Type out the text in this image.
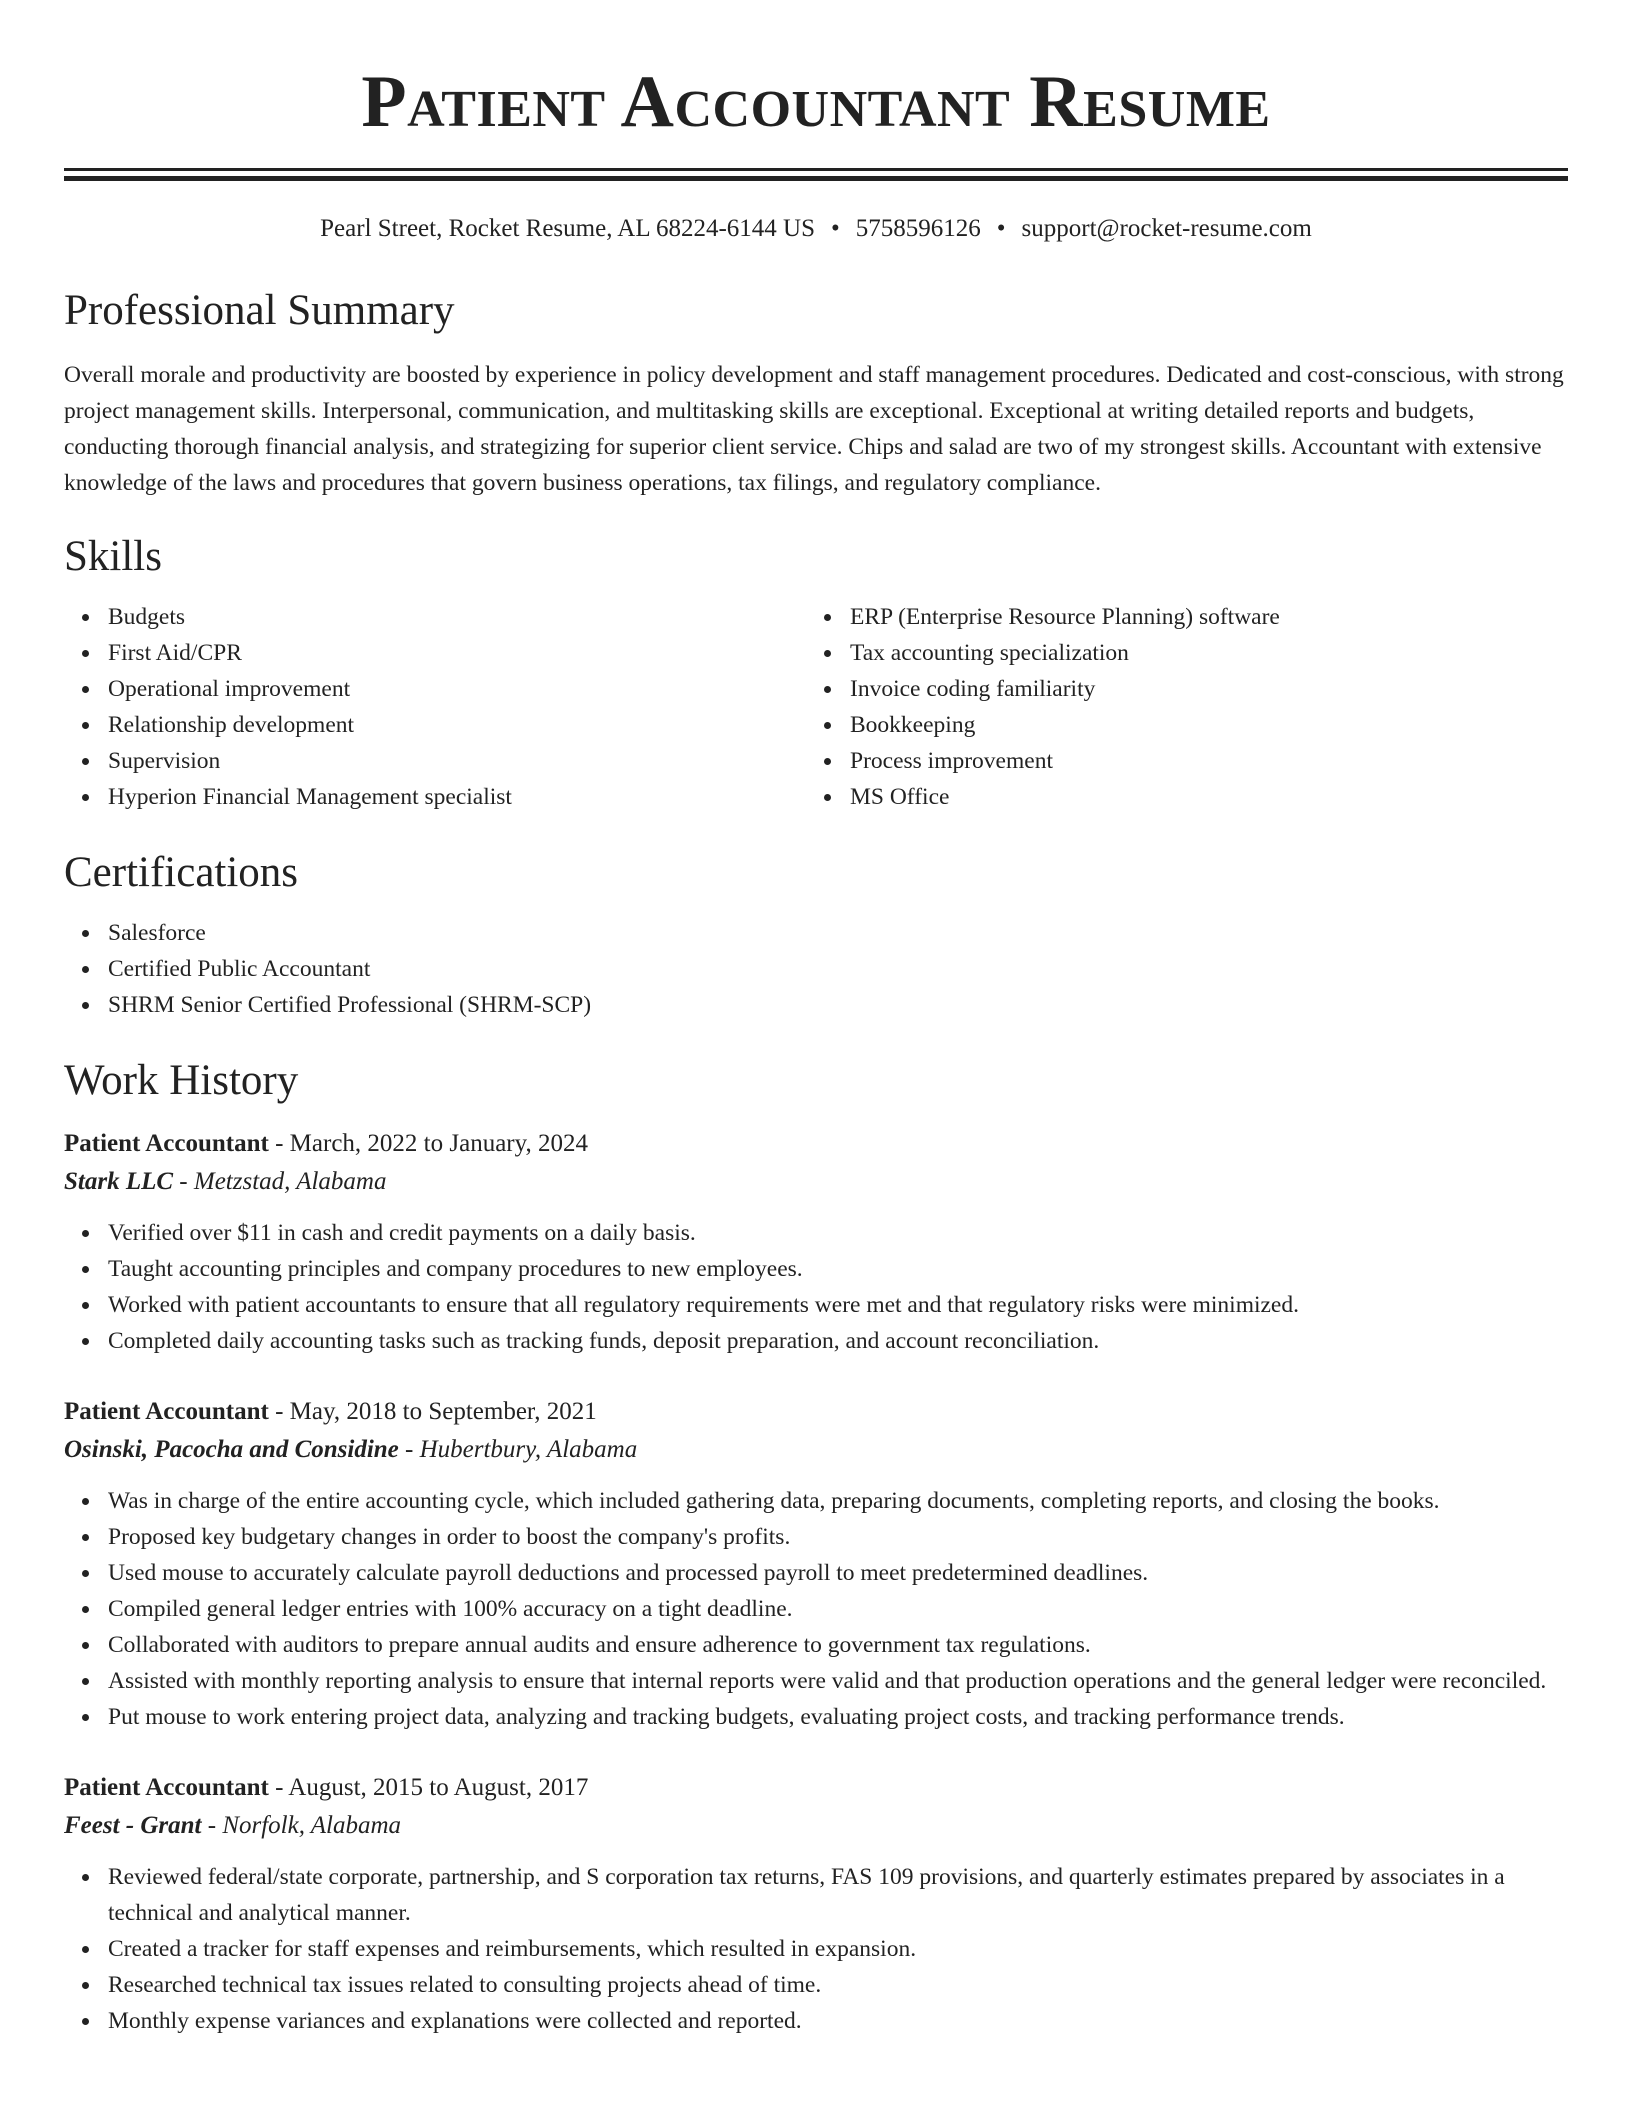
Patient Accountant Resume
Pearl Street, Rocket Resume, AL 68224-6144 US • 5758596126 • support@rocket-resume.com
Professional Summary

Overall morale and productivity are boosted by experience in policy development and staff management procedures. Dedicated and cost-conscious, with strong project management skills. Interpersonal, communication, and multitasking skills are exceptional. Exceptional at writing detailed reports and budgets, conducting thorough financial analysis, and strategizing for superior client service. Chips and salad are two of my strongest skills. Accountant with extensive knowledge of the laws and procedures that govern business operations, tax filings, and regulatory compliance.

Skills
Budgets
First Aid/CPR
Operational improvement
Relationship development
Supervision
Hyperion Financial Management specialist
ERP (Enterprise Resource Planning) software
Tax accounting specialization
Invoice coding familiarity
Bookkeeping
Process improvement
MS Office
Certifications
Salesforce
Certified Public Accountant
SHRM Senior Certified Professional (SHRM-SCP)
Work History
Patient Accountant - March, 2022 to January, 2024
Stark LLC - Metzstad, Alabama
Verified over $11 in cash and credit payments on a daily basis.
Taught accounting principles and company procedures to new employees.
Worked with patient accountants to ensure that all regulatory requirements were met and that regulatory risks were minimized.
Completed daily accounting tasks such as tracking funds, deposit preparation, and account reconciliation.
Patient Accountant - May, 2018 to September, 2021
Osinski, Pacocha and Considine - Hubertbury, Alabama
Was in charge of the entire accounting cycle, which included gathering data, preparing documents, completing reports, and closing the books.
Proposed key budgetary changes in order to boost the company's profits.
Used mouse to accurately calculate payroll deductions and processed payroll to meet predetermined deadlines.
Compiled general ledger entries with 100% accuracy on a tight deadline.
Collaborated with auditors to prepare annual audits and ensure adherence to government tax regulations.
Assisted with monthly reporting analysis to ensure that internal reports were valid and that production operations and the general ledger were reconciled.
Put mouse to work entering project data, analyzing and tracking budgets, evaluating project costs, and tracking performance trends.
Patient Accountant - August, 2015 to August, 2017
Feest - Grant - Norfolk, Alabama
Reviewed federal/state corporate, partnership, and S corporation tax returns, FAS 109 provisions, and quarterly estimates prepared by associates in a technical and analytical manner.
Created a tracker for staff expenses and reimbursements, which resulted in expansion.
Researched technical tax issues related to consulting projects ahead of time.
Monthly expense variances and explanations were collected and reported.
